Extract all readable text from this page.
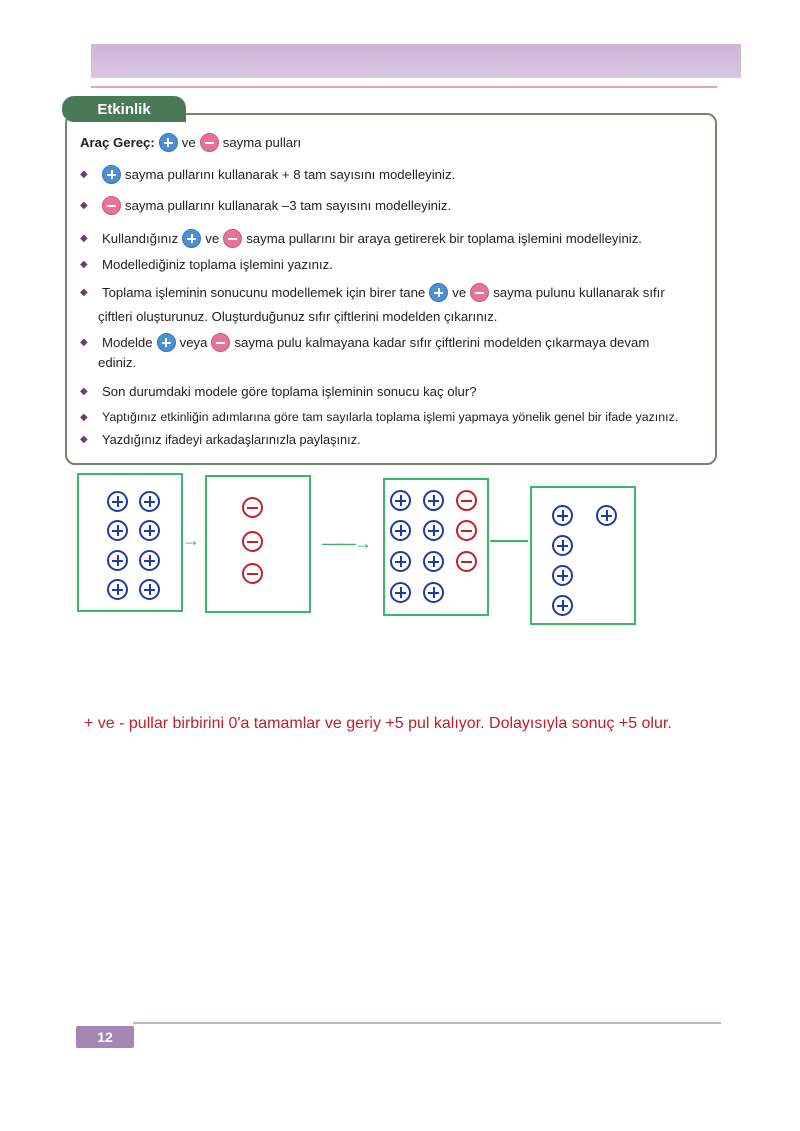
Etkinlik
Araç Gereç: ve sayma pulları
◆	sayma pullarını kullanarak + 8 tam sayısını modelleyiniz.
◆	sayma pullarını kullanarak –3 tam sayısını modelleyiniz.
◆	Kullandığınız ve sayma pullarını bir araya getirerek bir toplama işlemini modelleyiniz.
◆	Modellediğiniz toplama işlemini yazınız.
◆	Toplama işleminin sonucunu modellemek için birer tane ve sayma pulunu kullanarak sıfır
çiftleri oluşturunuz. Oluşturduğunuz sıfır çiftlerini modelden çıkarınız.
◆	Modelde veya sayma pulu kalmayana kadar sıfır çiftlerini modelden çıkarmaya devam
ediniz.
◆	Son durumdaki modele göre toplama işleminin sonucu kaç olur?
◆	Yaptığınız etkinliğin adımlarına göre tam sayılarla toplama işlemi yapmaya yönelik genel bir ifade yazınız.
◆	Yazdığınız ifadeyi arkadaşlarınızla paylaşınız.
→	——→
+ ve - pullar birbirini 0'a tamamlar ve geriy +5 pul kalıyor. Dolayısıyla sonuç +5 olur.
12
